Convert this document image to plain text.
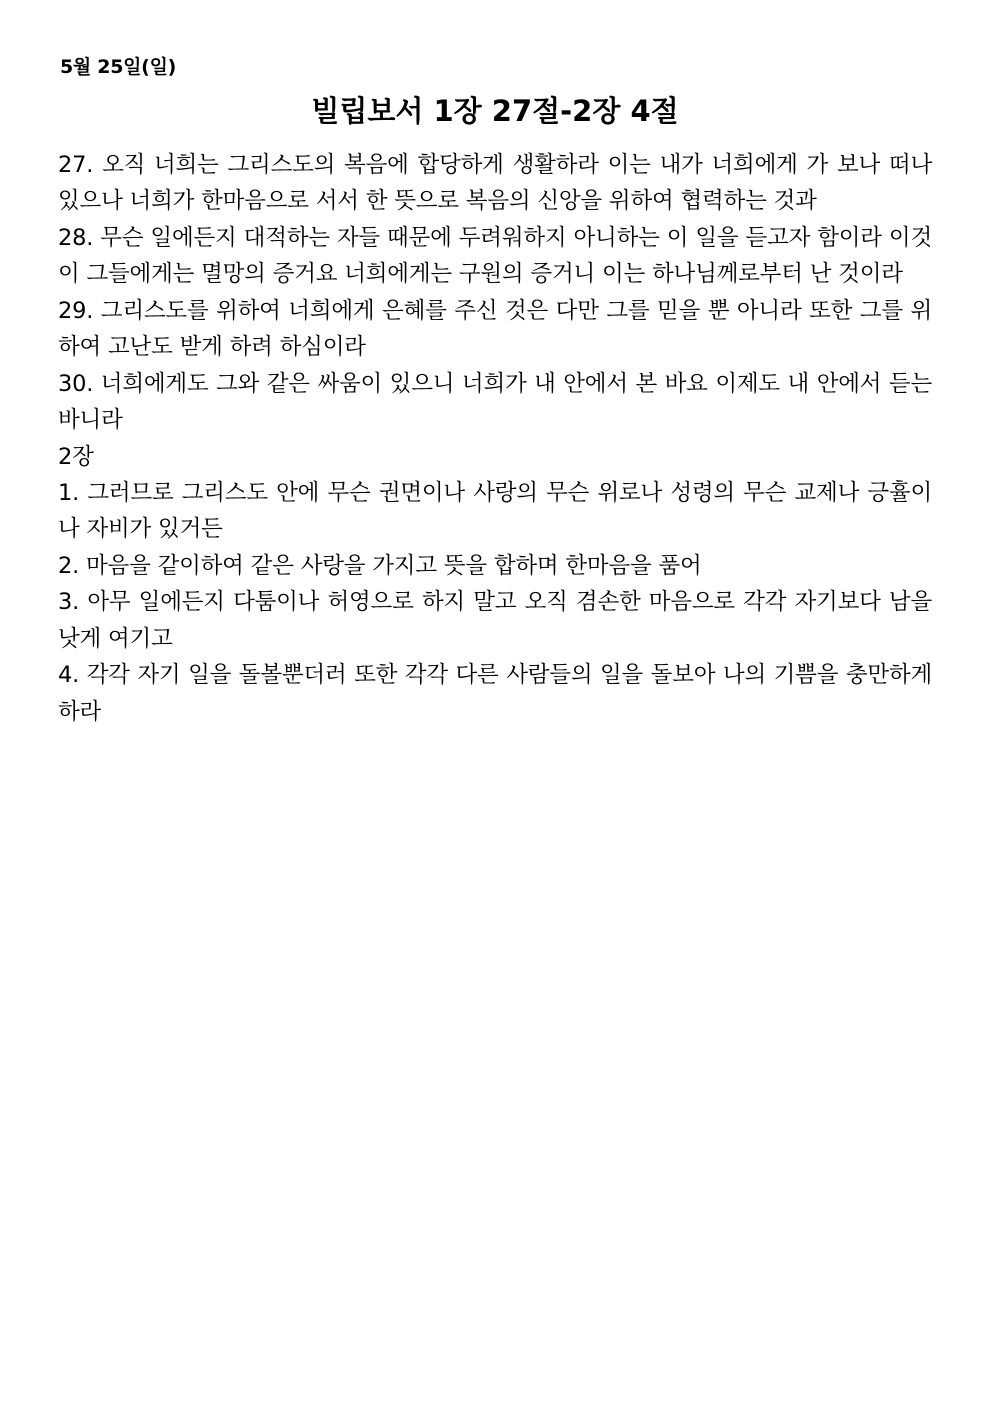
5월 25일(일)
빌립보서 1장 27절-2장 4절

27. 오직 너희는 그리스도의 복음에 합당하게 생활하라 이는 내가 너희에게 가 보나 떠나 있으나 너희가 한마음으로 서서 한 뜻으로 복음의 신앙을 위하여 협력하는 것과

28. 무슨 일에든지 대적하는 자들 때문에 두려워하지 아니하는 이 일을 듣고자 함이라 이것이 그들에게는 멸망의 증거요 너희에게는 구원의 증거니 이는 하나님께로부터 난 것이라

29. 그리스도를 위하여 너희에게 은혜를 주신 것은 다만 그를 믿을 뿐 아니라 또한 그를 위하여 고난도 받게 하려 하심이라

30. 너희에게도 그와 같은 싸움이 있으니 너희가 내 안에서 본 바요 이제도 내 안에서 듣는 바니라

2장

1. 그러므로 그리스도 안에 무슨 권면이나 사랑의 무슨 위로나 성령의 무슨 교제나 긍휼이나 자비가 있거든

2. 마음을 같이하여 같은 사랑을 가지고 뜻을 합하며 한마음을 품어

3. 아무 일에든지 다툼이나 허영으로 하지 말고 오직 겸손한 마음으로 각각 자기보다 남을 낫게 여기고

4. 각각 자기 일을 돌볼뿐더러 또한 각각 다른 사람들의 일을 돌보아 나의 기쁨을 충만하게 하라
